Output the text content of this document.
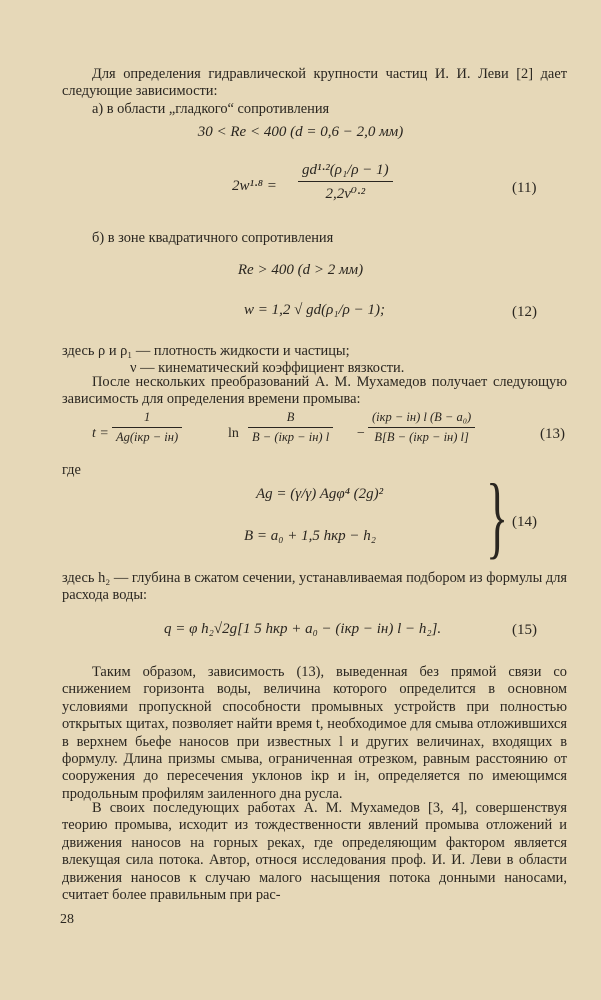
Для определения гидравлической крупности частиц И. И. Леви [2] дает следующие зависимости:

а) в области „гладкого“ сопротивления

30 < Re < 400 (d = 0,6 − 2,0 мм)
$2w^1\cdot^8 = \frac{\text{gd¹·²(ρ₁/ρ − 1)}}{\text{2,2ν⁰·²}}$	(11)

б) в зоне квадратичного сопротивления

Re > 400 (d > 2 мм)
w = 1,2 √ gd(ρ₁/ρ − 1);	(12)

здесь ρ и ρ₁ — плотность жидкости и частицы;

ν — кинематический коэффициент вязкости.

После нескольких преобразований А. М. Мухамедов получает следующую зависимость для определения времени промыва:

$t = \frac{1}{\text{Ag(iкр − iн)}}$	$\ln \frac{B}{\text{B − (iкр − iн) l}} - \frac{\text{(iкр − iн) l (B − a₀)}}{\text{B[B − (iкр − iн) l]}}$	(13)

где

Ag = (γ/γ) Agφ⁴ (2g)²
B = a₀ + 1,5 hкр − h₂ } (14)

здесь h₂ — глубина в сжатом сечении, устанавливаемая подбором из формулы для расхода воды:

q = φ h₂√2g[1 5 hкр + a₀ − (iкр − iн) l − h₂].	(15)

Таким образом, зависимость (13), выведенная без прямой связи со снижением горизонта воды, величина которого определится в основном условиями пропускной способности промывных устройств при полностью открытых щитах, позволяет найти время t, необходимое для смыва отложившихся в верхнем бьефе наносов при известных l и других величинах, входящих в формулу. Длина призмы смыва, ограниченная отрезком, равным расстоянию от сооружения до пересечения уклонов iкр и iн, определяется по имеющимся продольным профилям заиленного дна русла.

В своих последующих работах А. М. Мухамедов [3, 4], совершенствуя теорию промыва, исходит из тождественности явлений промыва отложений и движения наносов на горных реках, где определяющим фактором является влекущая сила потока. Автор, относя исследования проф. И. И. Леви в области движения наносов к случаю малого насыщения потока донными наносами, считает более правильным при рас-

28
